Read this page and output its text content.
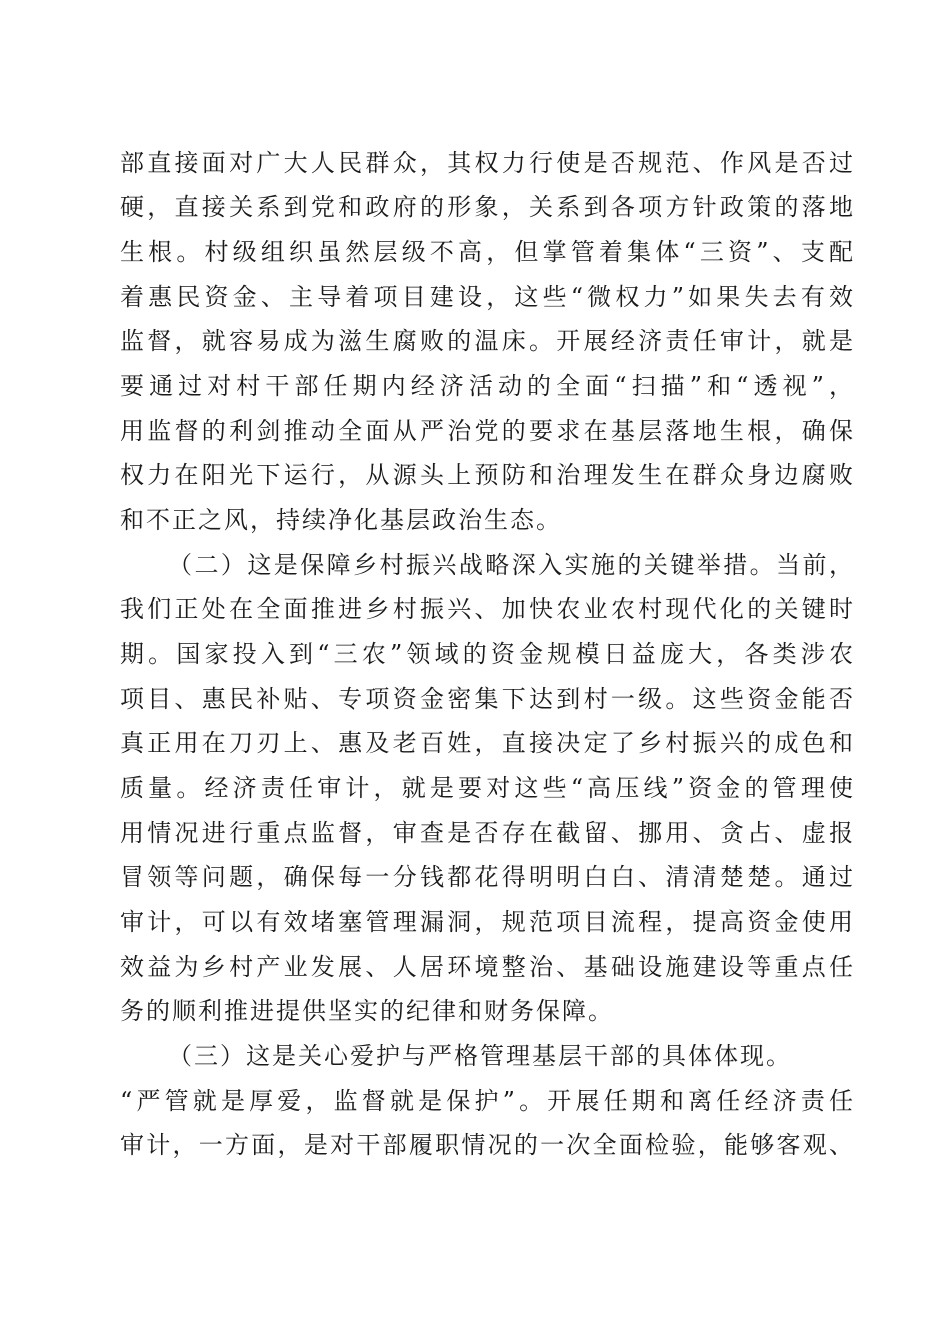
部直接面对广大人民群众，其权力行使是否规范、作风是否过
硬，直接关系到党和政府的形象，关系到各项方针政策的落地
生根。村级组织虽然层级不高，但掌管着集体“三资”、支配
着惠民资金、主导着项目建设，这些“微权力”如果失去有效
监督，就容易成为滋生腐败的温床。开展经济责任审计，就是
要通过对村干部任期内经济活动的全面“扫描”和“透视”，
用监督的利剑推动全面从严治党的要求在基层落地生根，确保
权力在阳光下运行，从源头上预防和治理发生在群众身边腐败
和不正之风，持续净化基层政治生态。
（二）这是保障乡村振兴战略深入实施的关键举措。当前，
我们正处在全面推进乡村振兴、加快农业农村现代化的关键时
期。国家投入到“三农”领域的资金规模日益庞大，各类涉农
项目、惠民补贴、专项资金密集下达到村一级。这些资金能否
真正用在刀刃上、惠及老百姓，直接决定了乡村振兴的成色和
质量。经济责任审计，就是要对这些“高压线”资金的管理使
用情况进行重点监督，审查是否存在截留、挪用、贪占、虚报
冒领等问题，确保每一分钱都花得明明白白、清清楚楚。通过
审计，可以有效堵塞管理漏洞，规范项目流程，提高资金使用
效益为乡村产业发展、人居环境整治、基础设施建设等重点任
务的顺利推进提供坚实的纪律和财务保障。
（三）这是关心爱护与严格管理基层干部的具体体现。
“严管就是厚爱，监督就是保护”。开展任期和离任经济责任
审计，一方面，是对干部履职情况的一次全面检验，能够客观、
